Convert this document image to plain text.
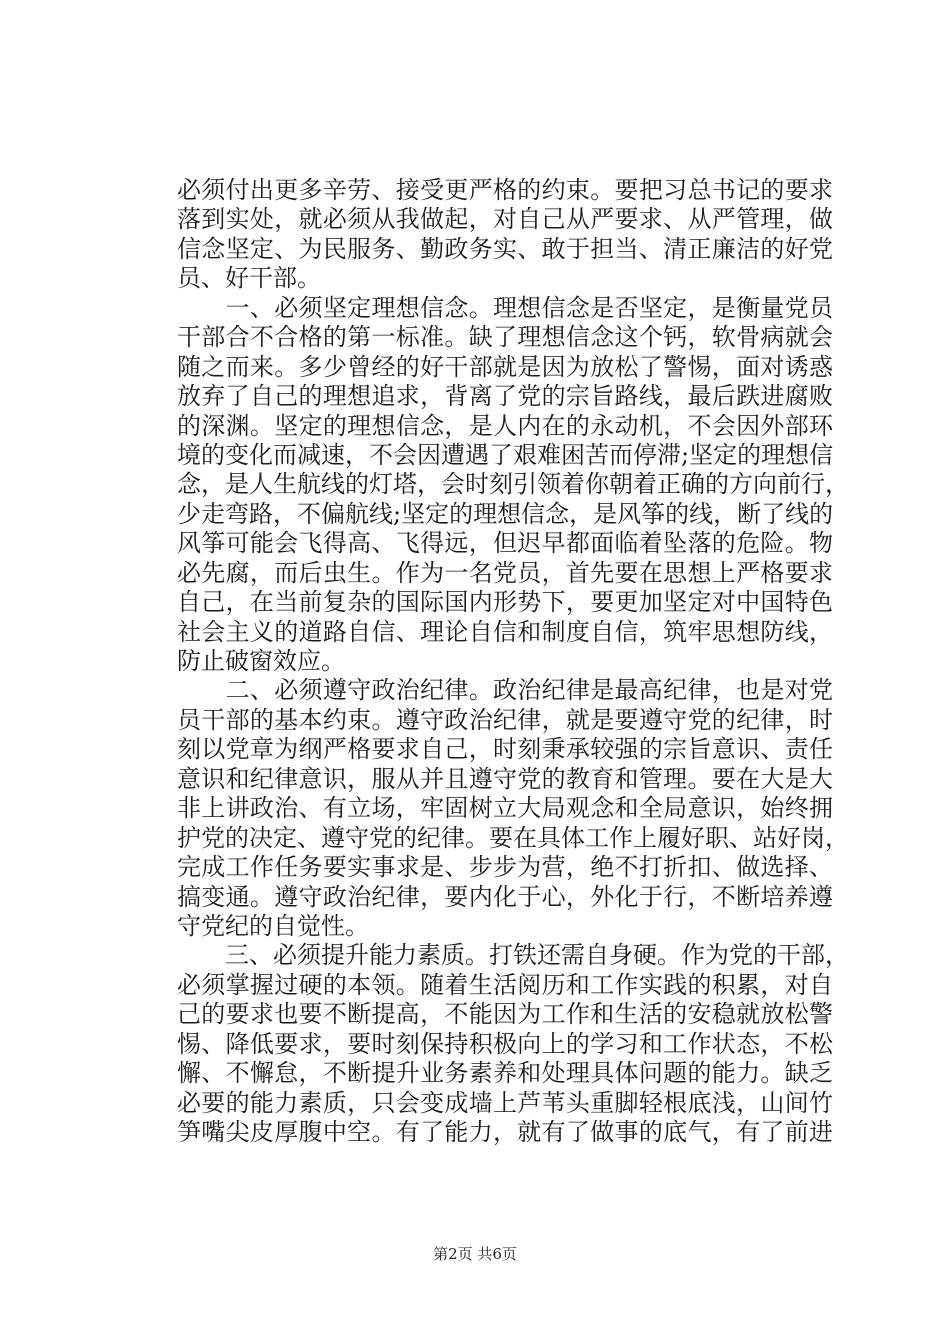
必须付出更多辛劳、接受更严格的约束。要把习总书记的要求
落到实处，就必须从我做起，对自己从严要求、从严管理，做
信念坚定、为民服务、勤政务实、敢于担当、清正廉洁的好党
员、好干部。
　　一、必须坚定理想信念。理想信念是否坚定，是衡量党员
干部合不合格的第一标准。缺了理想信念这个钙，软骨病就会
随之而来。多少曾经的好干部就是因为放松了警惕，面对诱惑
放弃了自己的理想追求，背离了党的宗旨路线，最后跌进腐败
的深渊。坚定的理想信念，是人内在的永动机，不会因外部环
境的变化而减速，不会因遭遇了艰难困苦而停滞;坚定的理想信
念，是人生航线的灯塔，会时刻引领着你朝着正确的方向前行，
少走弯路，不偏航线;坚定的理想信念，是风筝的线，断了线的
风筝可能会飞得高、飞得远，但迟早都面临着坠落的危险。物
必先腐，而后虫生。作为一名党员，首先要在思想上严格要求
自己，在当前复杂的国际国内形势下，要更加坚定对中国特色
社会主义的道路自信、理论自信和制度自信，筑牢思想防线，
防止破窗效应。
　　二、必须遵守政治纪律。政治纪律是最高纪律，也是对党
员干部的基本约束。遵守政治纪律，就是要遵守党的纪律，时
刻以党章为纲严格要求自己，时刻秉承较强的宗旨意识、责任
意识和纪律意识，服从并且遵守党的教育和管理。要在大是大
非上讲政治、有立场，牢固树立大局观念和全局意识，始终拥
护党的决定、遵守党的纪律。要在具体工作上履好职、站好岗，
完成工作任务要实事求是、步步为营，绝不打折扣、做选择、
搞变通。遵守政治纪律，要内化于心，外化于行，不断培养遵
守党纪的自觉性。
　　三、必须提升能力素质。打铁还需自身硬。作为党的干部，
必须掌握过硬的本领。随着生活阅历和工作实践的积累，对自
己的要求也要不断提高，不能因为工作和生活的安稳就放松警
惕、降低要求，要时刻保持积极向上的学习和工作状态，不松
懈、不懈怠，不断提升业务素养和处理具体问题的能力。缺乏
必要的能力素质，只会变成墙上芦苇头重脚轻根底浅，山间竹
笋嘴尖皮厚腹中空。有了能力，就有了做事的底气，有了前进
第2页 共6页
